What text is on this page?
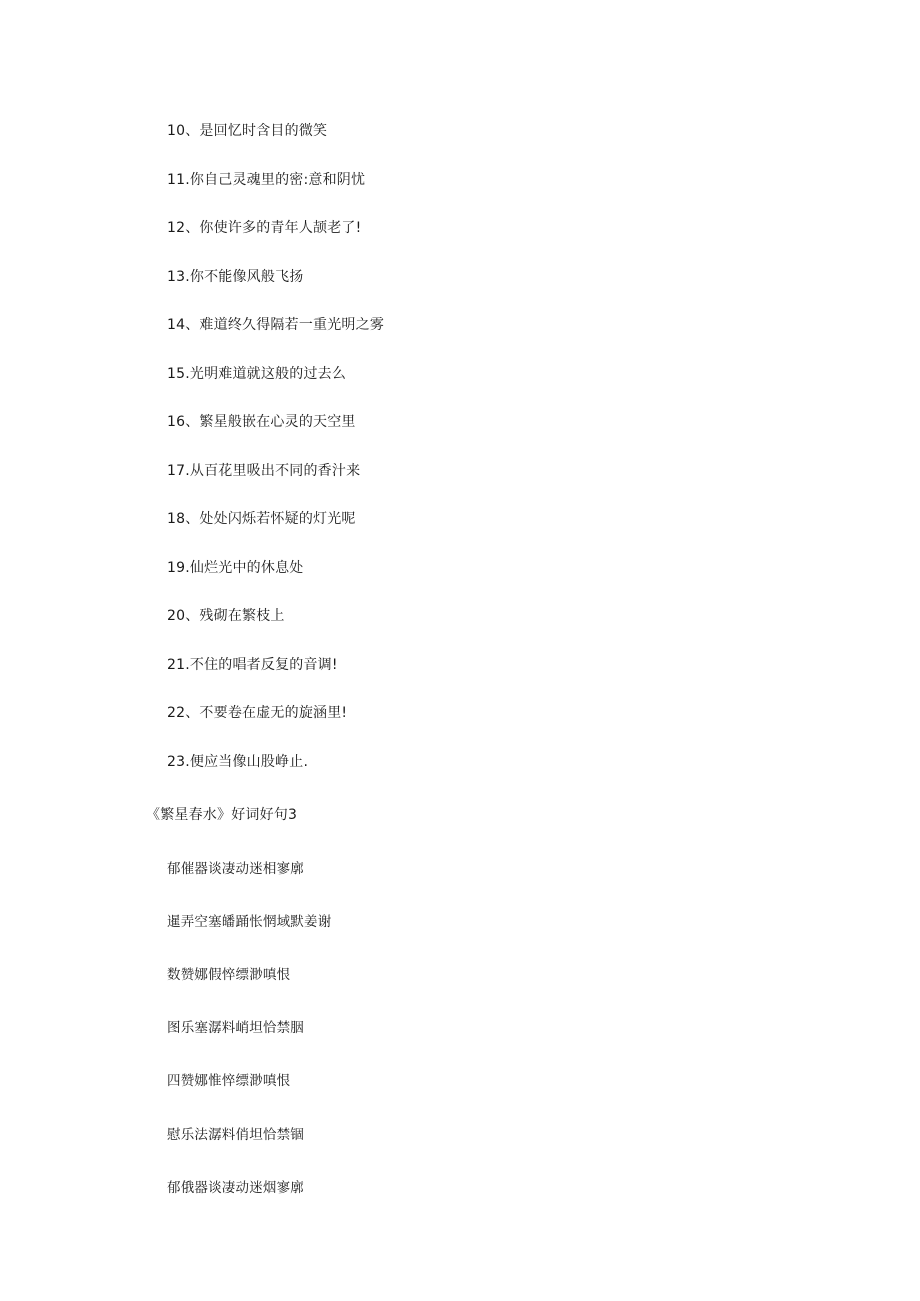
10、是回忆时含目的微笑
11.你自己灵魂里的密:意和阴忧
12、你使许多的青年人颉老了!
13.你不能像风般飞扬
14、难道终久得隔若一重光明之雾
15.光明难道就这般的过去么
16、繁星般嵌在心灵的天空里
17.从百花里吸出不同的香汁来
18、处处闪烁若怀疑的灯光呢
19.仙烂光中的休息处
20、残砌在繁枝上
21.不住的唱者反复的音调!
22、不要卷在虚无的旋涵里!
23.便应当像山股峥止.
《繁星春水》好词好句3
郁催器谈凄动迷相寥廓
暹弄空塞皤踊怅惘域默姜谢
数赞娜假悴缥渺嗔恨
图乐塞潺料峭坦恰禁胭
四赞娜惟悴缥渺嗔恨
慰乐法潺料俏坦恰禁锢
郁俄器谈凄动迷烟寥廓
